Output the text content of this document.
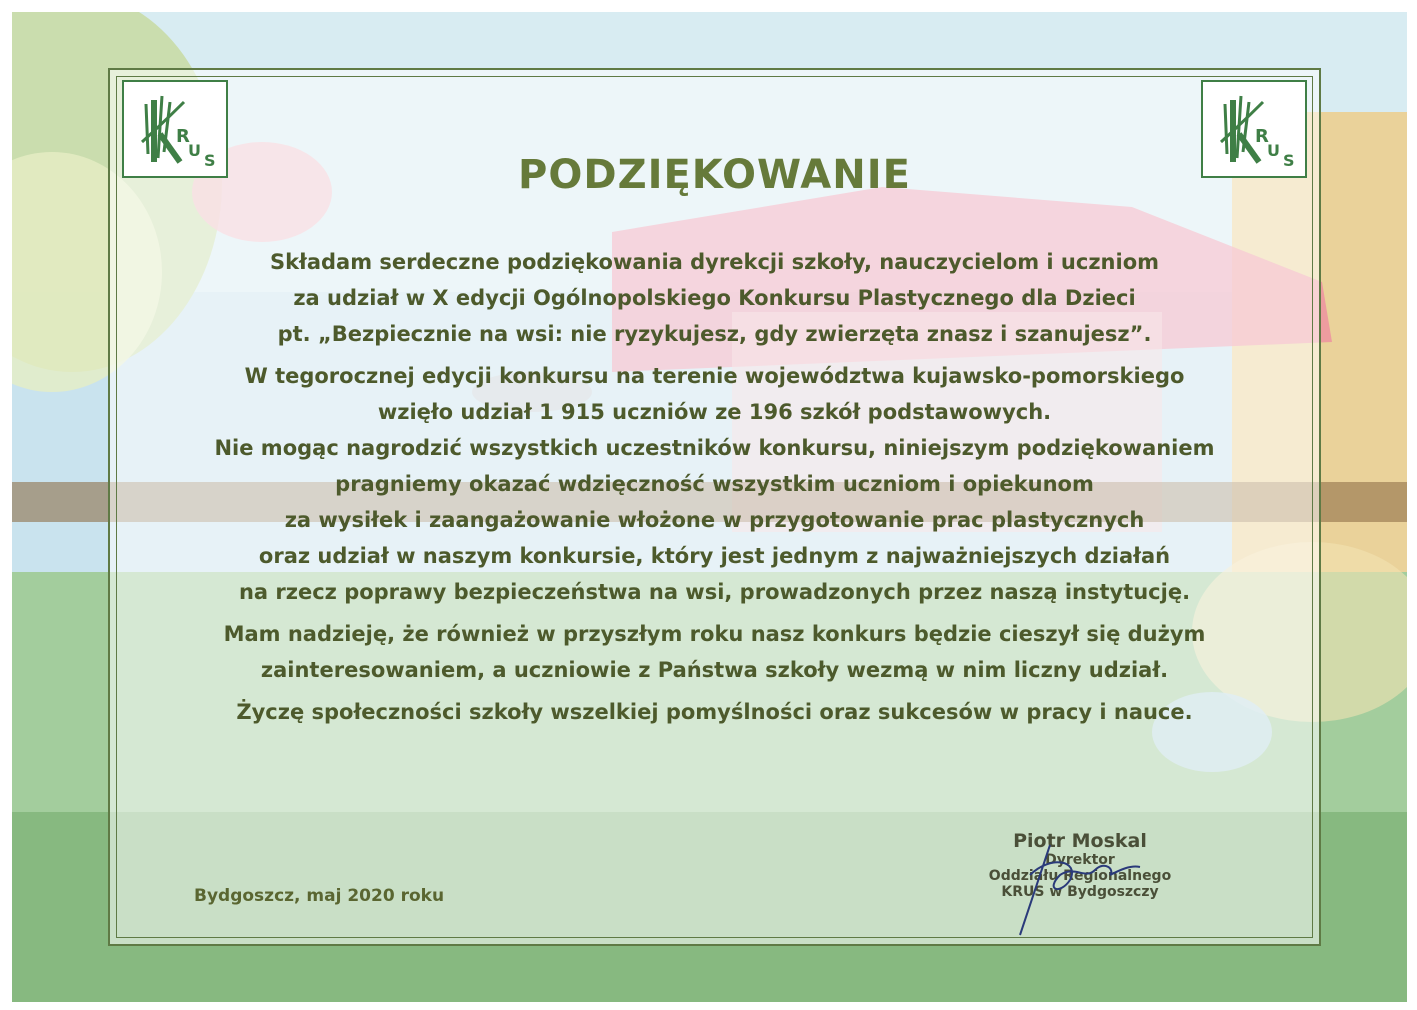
R
U
S
R
U
S
PODZIĘKOWANIE

Składam serdeczne podziękowania dyrekcji szkoły, nauczycielom i uczniom

za udział w X edycji Ogólnopolskiego Konkursu Plastycznego dla Dzieci

pt. „Bezpiecznie na wsi: nie ryzykujesz, gdy zwierzęta znasz i szanujesz”.

W tegorocznej edycji konkursu na terenie województwa kujawsko-pomorskiego

wzięło udział 1 915 uczniów ze 196 szkół podstawowych.

Nie mogąc nagrodzić wszystkich uczestników konkursu, niniejszym podziękowaniem

pragniemy okazać wdzięczność wszystkim uczniom i opiekunom

za wysiłek i zaangażowanie włożone w przygotowanie prac plastycznych

oraz udział w naszym konkursie, który jest jednym z najważniejszych działań

na rzecz poprawy bezpieczeństwa na wsi, prowadzonych przez naszą instytucję.

Mam nadzieję, że również w przyszłym roku nasz konkurs będzie cieszył się dużym

zainteresowaniem, a uczniowie z Państwa szkoły wezmą w nim liczny udział.

Życzę społeczności szkoły wszelkiej pomyślności oraz sukcesów w pracy i nauce.

Bydgoszcz, maj 2020 roku
Piotr Moskal
Dyrektor
Oddziału Regionalnego
KRUS w Bydgoszczy
